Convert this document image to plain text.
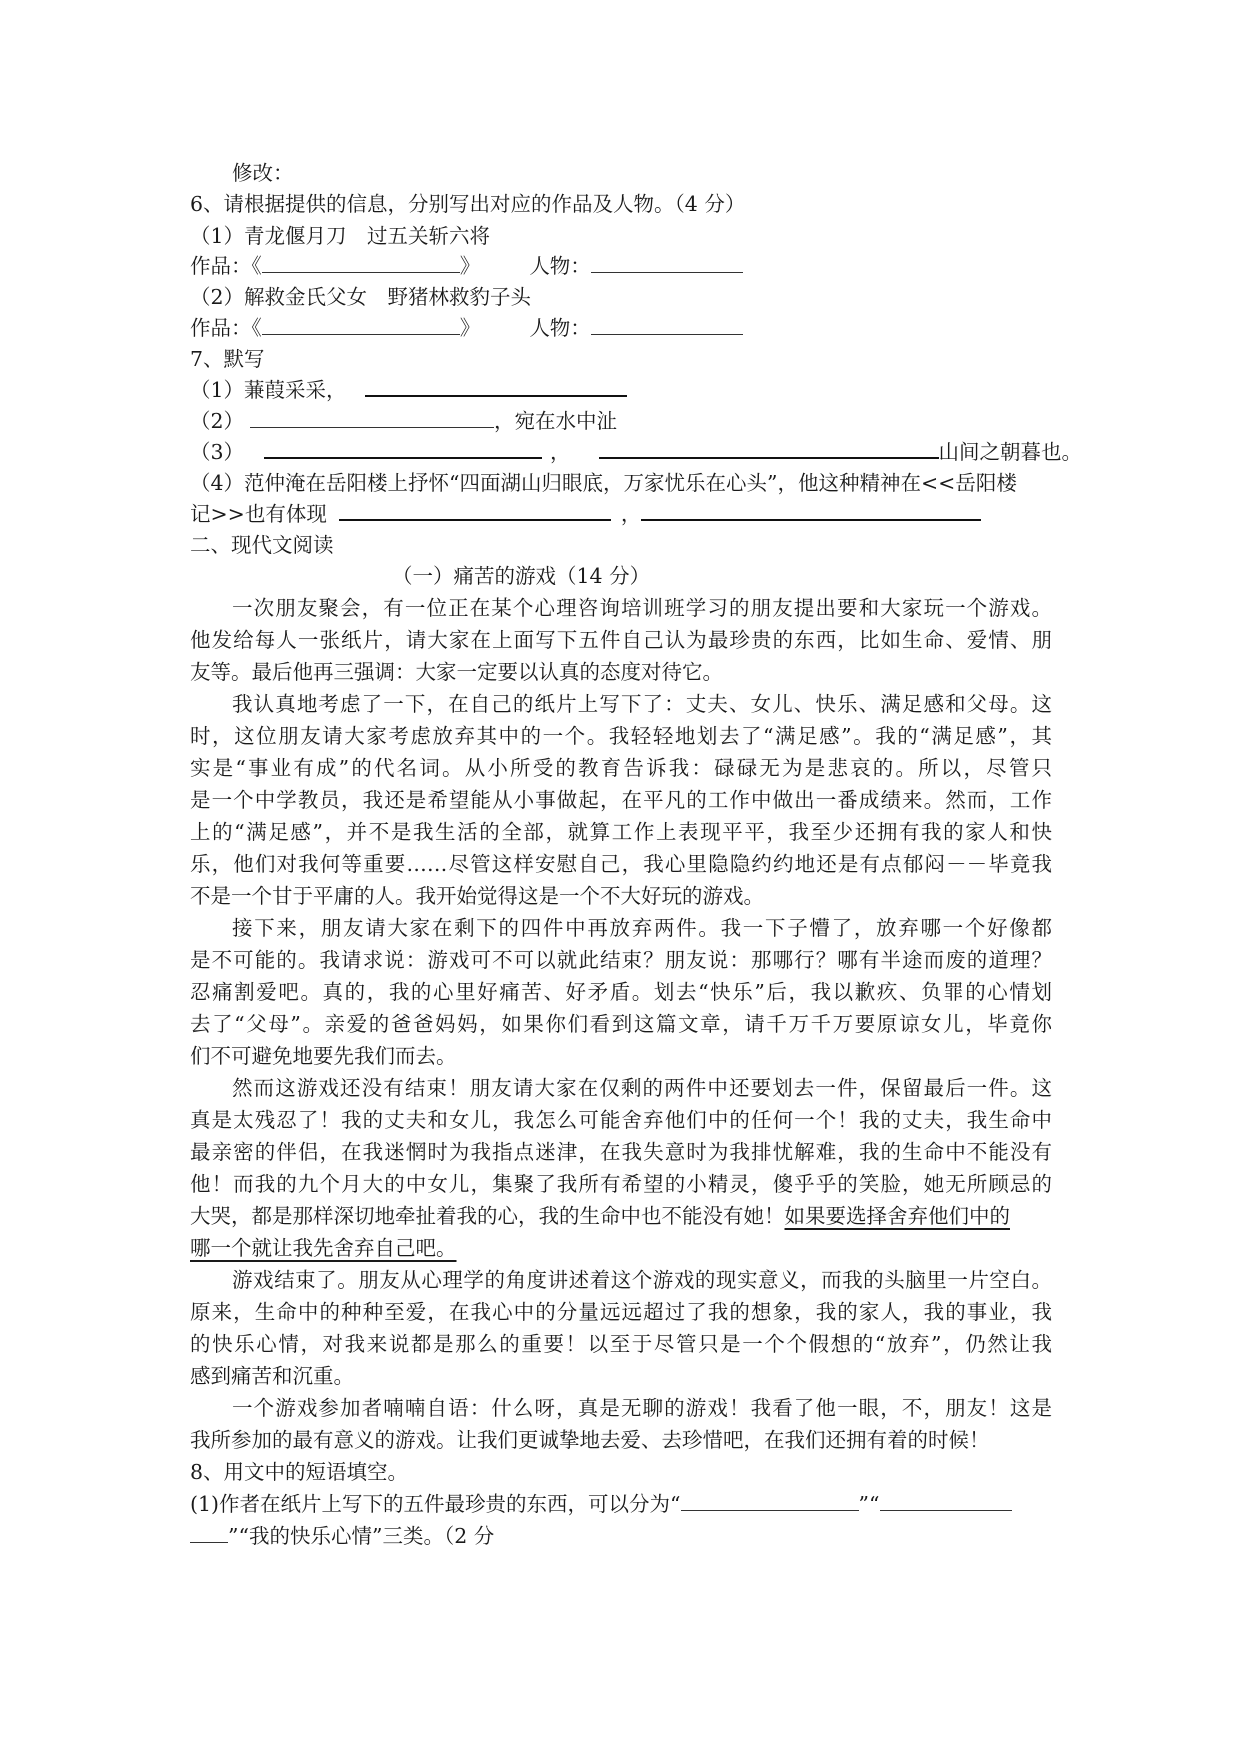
修改：
6、请根据提供的信息，分别写出对应的作品及人物。（4 分）
（1）青龙偃月刀　过五关斩六将
作品：《	》 人物：
（2）解救金氏父女　野猪林救豹子头
作品：《	》 人物：
7、默写
（1）蒹葭采采，
（2）	，宛在水中沚
（3）	，	山间之朝暮也。
（4）范仲淹在岳阳楼上抒怀“四面湖山归眼底，万家忧乐在心头”，他这种精神在<<岳阳楼
记>>也有体现	，
二、现代文阅读
（一）痛苦的游戏（14 分）
一次朋友聚会，有一位正在某个心理咨询培训班学习的朋友提出要和大家玩一个游戏。
他发给每人一张纸片，请大家在上面写下五件自己认为最珍贵的东西，比如生命、爱情、朋
友等。最后他再三强调：大家一定要以认真的态度对待它。
我认真地考虑了一下，在自己的纸片上写下了：丈夫、女儿、快乐、满足感和父母。这
时，这位朋友请大家考虑放弃其中的一个。我轻轻地划去了“满足感”。我的“满足感”，其
实是“事业有成”的代名词。从小所受的教育告诉我：碌碌无为是悲哀的。所以，尽管只
是一个中学教员，我还是希望能从小事做起，在平凡的工作中做出一番成绩来。然而，工作
上的“满足感”，并不是我生活的全部，就算工作上表现平平，我至少还拥有我的家人和快
乐，他们对我何等重要……尽管这样安慰自己，我心里隐隐约约地还是有点郁闷－－毕竟我
不是一个甘于平庸的人。我开始觉得这是一个不大好玩的游戏。
接下来，朋友请大家在剩下的四件中再放弃两件。我一下子懵了，放弃哪一个好像都
是不可能的。我请求说：游戏可不可以就此结束？朋友说：那哪行？哪有半途而废的道理？
忍痛割爱吧。真的，我的心里好痛苦、好矛盾。划去“快乐”后，我以歉疚、负罪的心情划
去了“父母”。亲爱的爸爸妈妈，如果你们看到这篇文章，请千万千万要原谅女儿，毕竟你
们不可避免地要先我们而去。
然而这游戏还没有结束！朋友请大家在仅剩的两件中还要划去一件，保留最后一件。这
真是太残忍了！我的丈夫和女儿，我怎么可能舍弃他们中的任何一个！我的丈夫，我生命中
最亲密的伴侣，在我迷惘时为我指点迷津，在我失意时为我排忧解难，我的生命中不能没有
他！而我的九个月大的中女儿，集聚了我所有希望的小精灵，傻乎乎的笑脸，她无所顾忌的
大哭，都是那样深切地牵扯着我的心，我的生命中也不能没有她！如果要选择舍弃他们中的
哪一个就让我先舍弃自己吧。
游戏结束了。朋友从心理学的角度讲述着这个游戏的现实意义，而我的头脑里一片空白。
原来，生命中的种种至爱，在我心中的分量远远超过了我的想象，我的家人，我的事业，我
的快乐心情，对我来说都是那么的重要！以至于尽管只是一个个假想的“放弃”，仍然让我
感到痛苦和沉重。
一个游戏参加者喃喃自语：什么呀，真是无聊的游戏！我看了他一眼，不，朋友！这是
我所参加的最有意义的游戏。让我们更诚挚地去爱、去珍惜吧，在我们还拥有着的时候！
8、用文中的短语填空。
(1)作者在纸片上写下的五件最珍贵的东西，可以分为“	”“
”“我的快乐心情”三类。（2 分
